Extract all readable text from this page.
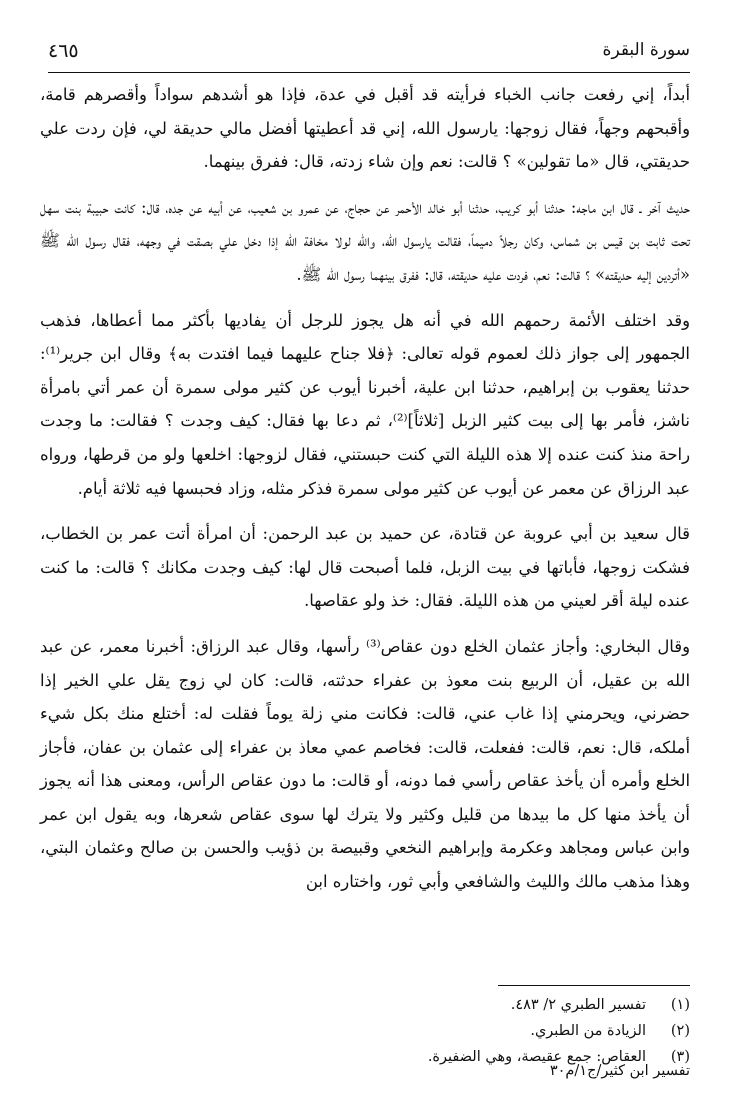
سورة البقرة
٤٦٥

أبداً، إني رفعت جانب الخباء فرأيته قد أقبل في عدة، فإذا هو أشدهم سواداً وأقصرهم قامة، وأقبحهم وجهاً، فقال زوجها: يارسول الله، إني قد أعطيتها أفضل مالي حديقة لي، فإن ردت علي حديقتي، قال «ما تقولين» ؟ قالت: نعم وإن شاء زدته، قال: ففرق بينهما.

حديث آخر ـ قال ابن ماجه: حدثنا أبو كريب، حدثنا أبو خالد الأحمر عن حجاج، عن عمرو بن شعيب، عن أبيه عن جده، قال: كانت حبيبة بنت سهل تحت ثابت بن قيس بن شماس، وكان رجلاً دميماً، فقالت يارسول الله، والله لولا مخافة الله إذا دخل علي بصقت في وجهه، فقال رسول الله ﷺ «أتردين إليه حديقته» ؟ قالت: نعم، فردت عليه حديقته، قال: ففرق بينهما رسول الله ﷺ.

وقد اختلف الأئمة رحمهم الله في أنه هل يجوز للرجل أن يفاديها بأكثر مما أعطاها، فذهب الجمهور إلى جواز ذلك لعموم قوله تعالى: ﴿فلا جناح عليهما فيما افتدت به﴾ وقال ابن جرير⁽¹⁾: حدثنا يعقوب بن إبراهيم، حدثنا ابن علية، أخبرنا أيوب عن كثير مولى سمرة أن عمر أتي بامرأة ناشز، فأمر بها إلى بيت كثير الزبل [ثلاثاً]⁽²⁾، ثم دعا بها فقال: كيف وجدت ؟ فقالت: ما وجدت راحة منذ كنت عنده إلا هذه الليلة التي كنت حبستني، فقال لزوجها: اخلعها ولو من قرطها، ورواه عبد الرزاق عن معمر عن أيوب عن كثير مولى سمرة فذكر مثله، وزاد فحبسها فيه ثلاثة أيام.

قال سعيد بن أبي عروبة عن قتادة، عن حميد بن عبد الرحمن: أن امرأة أتت عمر بن الخطاب، فشكت زوجها، فأباتها في بيت الزبل، فلما أصبحت قال لها: كيف وجدت مكانك ؟ قالت: ما كنت عنده ليلة أقر لعيني من هذه الليلة. فقال: خذ ولو عقاصها.

وقال البخاري: وأجاز عثمان الخلع دون عقاص⁽³⁾ رأسها، وقال عبد الرزاق: أخبرنا معمر، عن عبد الله بن عقيل، أن الربيع بنت معوذ بن عفراء حدثته، قالت: كان لي زوج يقل علي الخير إذا حضرني، ويحرمني إذا غاب عني، قالت: فكانت مني زلة يوماً فقلت له: أختلع منك بكل شيء أملكه، قال: نعم، قالت: ففعلت، قالت: فخاصم عمي معاذ بن عفراء إلى عثمان بن عفان، فأجاز الخلع وأمره أن يأخذ عقاص رأسي فما دونه، أو قالت: ما دون عقاص الرأس، ومعنى هذا أنه يجوز أن يأخذ منها كل ما بيدها من قليل وكثير ولا يترك لها سوى عقاص شعرها، وبه يقول ابن عمر وابن عباس ومجاهد وعكرمة وإبراهيم النخعي وقبيصة بن ذؤيب والحسن بن صالح وعثمان البتي، وهذا مذهب مالك والليث والشافعي وأبي ثور، واختاره ابن

(١)
تفسير الطبري ٢/ ٤٨٣.
(٢)
الزيادة من الطبري.
(٣)
العقاص: جمع عقيصة، وهي الضفيرة.
تفسير ابن كثير/ج١/م٣٠
